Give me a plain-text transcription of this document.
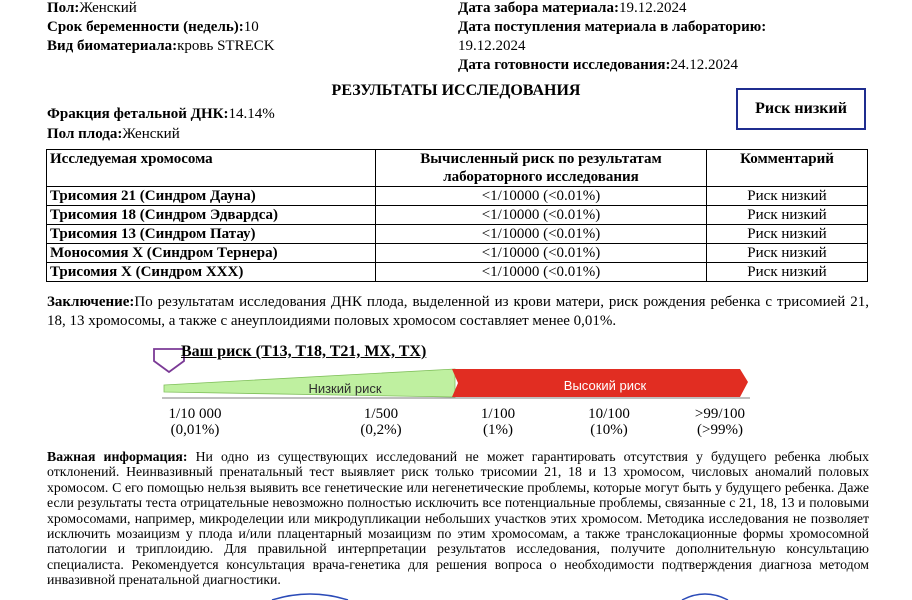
Пол:Женский
Срок беременности (недель):10
Вид биоматериала:кровь STRECK
Дата забора материала:19.12.2024
Дата поступления материала в лабораторию:
19.12.2024
Дата готовности исследования:24.12.2024
РЕЗУЛЬТАТЫ ИССЛЕДОВАНИЯ
Фракция фетальной ДНК:14.14%
Пол плода:Женский
Риск низкий
Исследуемая хромосома	Вычисленный риск по результатам лабораторного исследования	Комментарий
Трисомия 21 (Синдром Дауна)	<1/10000 (<0.01%)	Риск низкий
Трисомия 18 (Синдром Эдвардса)	<1/10000 (<0.01%)	Риск низкий
Трисомия 13 (Синдром Патау)	<1/10000 (<0.01%)	Риск низкий
Моносомия X (Синдром Тернера)	<1/10000 (<0.01%)	Риск низкий
Трисомия X (Синдром XXX)	<1/10000 (<0.01%)	Риск низкий
Заключение:По результатам исследования ДНК плода, выделенной из крови матери, риск рождения ребенка с трисомией 21, 18, 13 хромосомы, а также с анеуплоидиями половых хромосом составляет менее 0,01%.
Низкий риск	Высокий риск
Ваш риск (T13, T18, T21, MX, TX)
1/10 000
(0,01%)
1/500
(0,2%)
1/100
(1%)
10/100
(10%)
>99/100
(>99%)
Важная информация: Ни одно из существующих исследований не может гарантировать отсутствия у будущего ребенка любых отклонений. Неинвазивный пренатальный тест выявляет риск только трисомии 21, 18 и 13 хромосом, числовых аномалий половых хромосом. С его помощью нельзя выявить все генетические или негенетические проблемы, которые могут быть у будущего ребенка. Даже если результаты теста отрицательные невозможно полностью исключить все потенциальные проблемы, связанные с 21, 18, 13 и половыми хромосомами, например, микроделеции или микродупликации небольших участков этих хромосом. Методика исследования не позволяет исключить мозаицизм у плода и/или плацентарный мозаицизм по этим хромосомам, а также транслокационные формы хромосомной патологии и триплоидию. Для правильной интерпретации результатов исследования, получите дополнительную консультацию специалиста. Рекомендуется консультация врача-генетика для решения вопроса о необходимости подтверждения диагноза методом инвазивной пренатальной диагностики.
